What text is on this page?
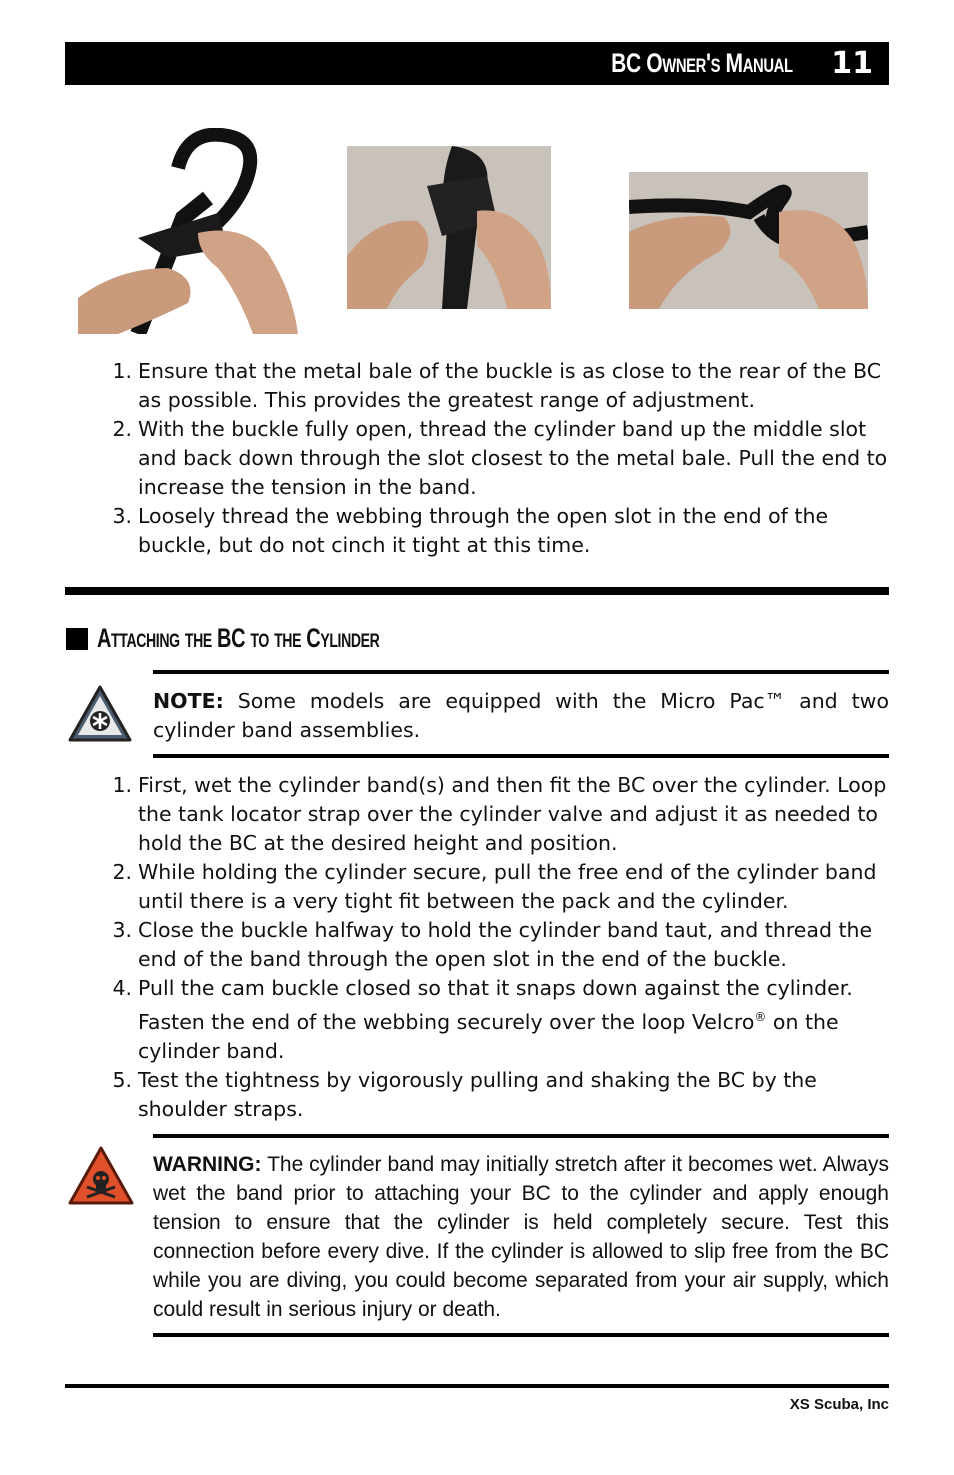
BC Owner's Manual 11
1. Ensure that the metal bale of the buckle is as close to the rear of the BC as possible. This provides the greatest range of adjustment.
2. With the buckle fully open, thread the cylinder band up the middle slot and back down through the slot closest to the metal bale. Pull the end to increase the tension in the band.
3. Loosely thread the webbing through the open slot in the end of the buckle, but do not cinch it tight at this time.
Attaching the BC to the Cylinder
NOTE: Some models are equipped with the Micro Pac™ and two cylinder band assemblies.
1. First, wet the cylinder band(s) and then fit the BC over the cylinder. Loop the tank locator strap over the cylinder valve and adjust it as needed to hold the BC at the desired height and position.
2. While holding the cylinder secure, pull the free end of the cylinder band until there is a very tight fit between the pack and the cylinder.
3. Close the buckle halfway to hold the cylinder band taut, and thread the end of the band through the open slot in the end of the buckle.
4. Pull the cam buckle closed so that it snaps down against the cylinder. Fasten the end of the webbing securely over the loop Velcro® on the cylinder band.
5. Test the tightness by vigorously pulling and shaking the BC by the shoulder straps.
WARNING: The cylinder band may initially stretch after it becomes wet. Always wet the band prior to attaching your BC to the cylinder and apply enough tension to ensure that the cylinder is held completely secure. Test this connection before every dive. If the cylinder is allowed to slip free from the BC while you are diving, you could become separated from your air supply, which could result in serious injury or death.
XS Scuba, Inc
